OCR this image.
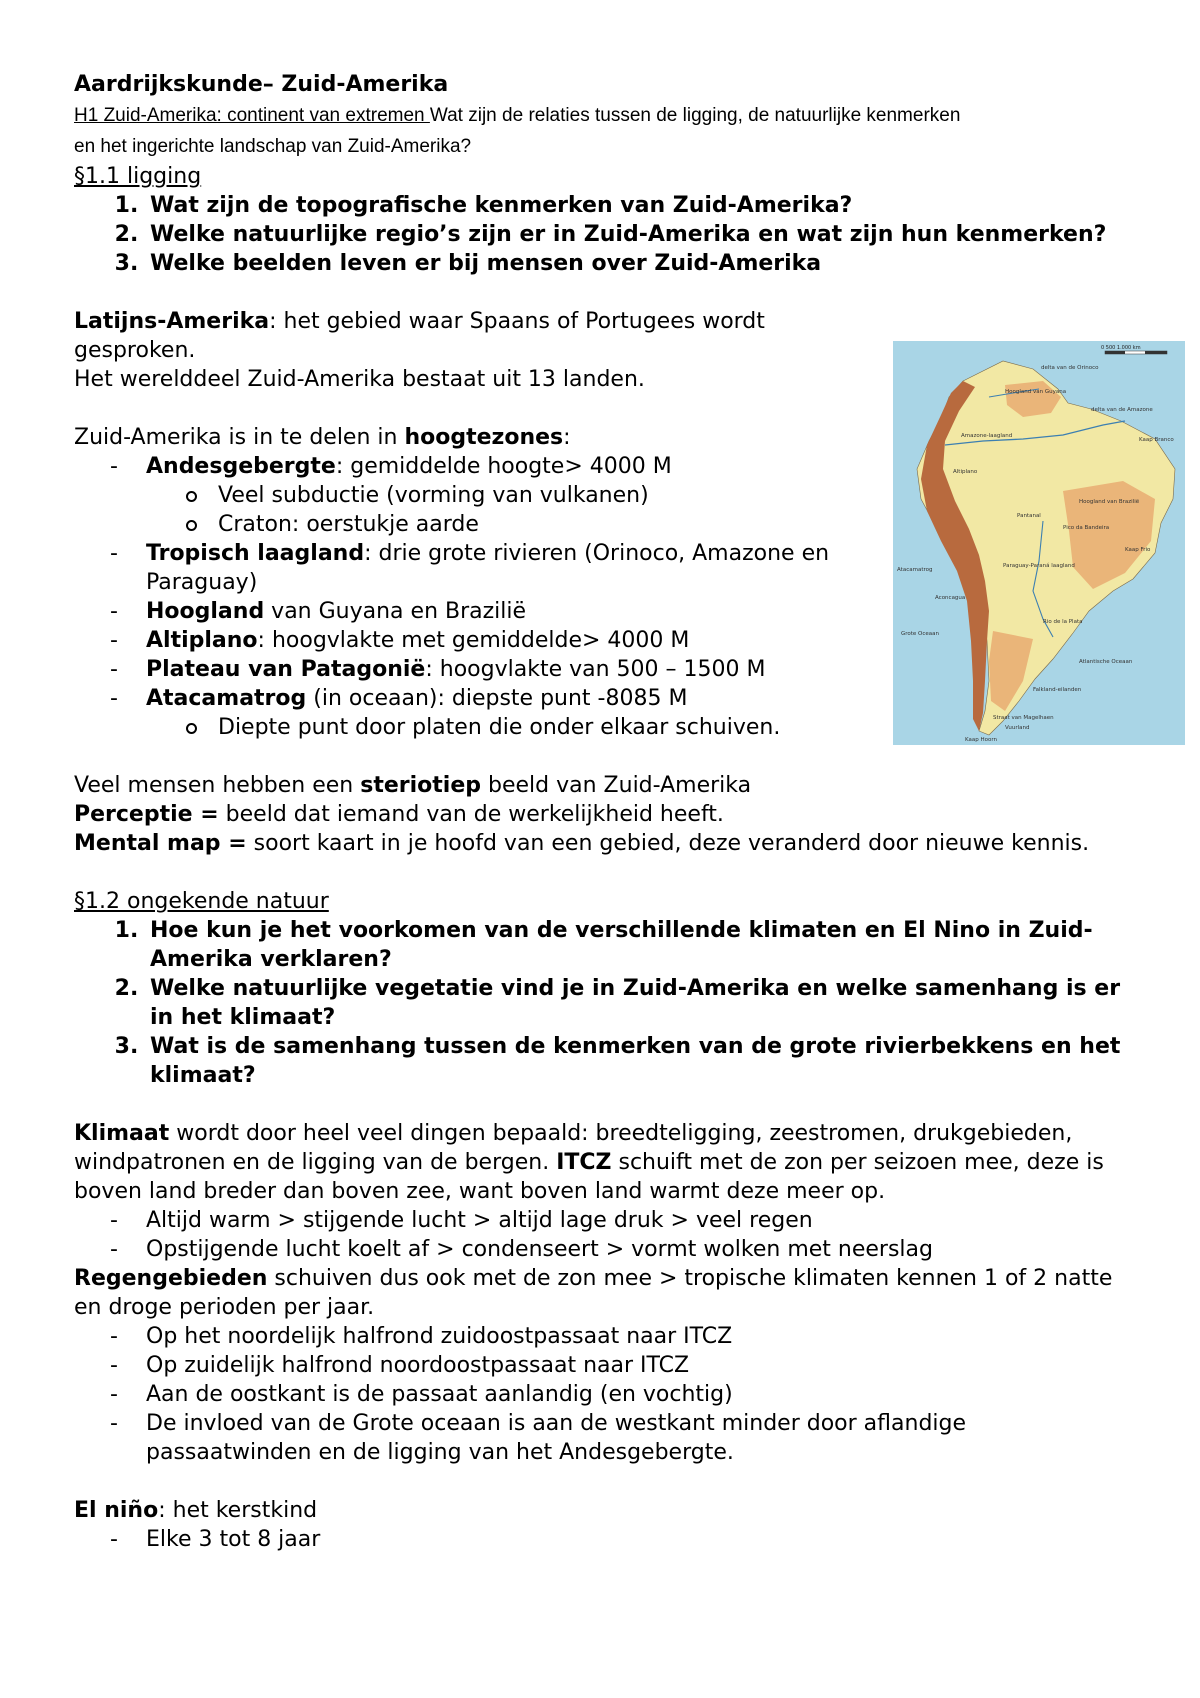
Aardrijkskunde– Zuid-Amerika
H1 Zuid-Amerika: continent van extremen Wat zijn de relaties tussen de ligging, de natuurlijke kenmerken
en het ingerichte landschap van Zuid-Amerika?
§1.1 ligging
1. Wat zijn de topografische kenmerken van Zuid-Amerika?
2. Welke natuurlijke regio’s zijn er in Zuid-Amerika en wat zijn hun kenmerken?
3. Welke beelden leven er bij mensen over Zuid-Amerika
Latijns-Amerika: het gebied waar Spaans of Portugees wordt gesproken.
Het werelddeel Zuid-Amerika bestaat uit 13 landen.
Zuid-Amerika is in te delen in hoogtezones:
- Andesgebergte: gemiddelde hoogte> 4000 M
Veel subductie (vorming van vulkanen)
Craton: oerstukje aarde
- Tropisch laagland: drie grote rivieren (Orinoco, Amazone en Paraguay)
- Hoogland van Guyana en Brazilië
- Altiplano: hoogvlakte met gemiddelde> 4000 M
- Plateau van Patagonië: hoogvlakte van 500 – 1500 M
- Atacamatrog (in oceaan): diepste punt -8085 M
Diepte punt door platen die onder elkaar schuiven.
Veel mensen hebben een steriotiep beeld van Zuid-Amerika
Perceptie = beeld dat iemand van de werkelijkheid heeft.
Mental map = soort kaart in je hoofd van een gebied, deze veranderd door nieuwe kennis.
§1.2 ongekende natuur
1. Hoe kun je het voorkomen van de verschillende klimaten en El Nino in Zuid-Amerika verklaren?
2. Welke natuurlijke vegetatie vind je in Zuid-Amerika en welke samenhang is er in het klimaat?
3. Wat is de samenhang tussen de kenmerken van de grote rivierbekkens en het klimaat?
Klimaat wordt door heel veel dingen bepaald: breedteligging, zeestromen, drukgebieden, windpatronen en de ligging van de bergen. ITCZ schuift met de zon per seizoen mee, deze is boven land breder dan boven zee, want boven land warmt deze meer op.
- Altijd warm > stijgende lucht > altijd lage druk > veel regen
- Opstijgende lucht koelt af > condenseert > vormt wolken met neerslag
Regengebieden schuiven dus ook met de zon mee > tropische klimaten kennen 1 of 2 natte en droge perioden per jaar.
- Op het noordelijk halfrond zuidoostpassaat naar ITCZ
- Op zuidelijk halfrond noordoostpassaat naar ITCZ
- Aan de oostkant is de passaat aanlandig (en vochtig)
- De invloed van de Grote oceaan is aan de westkant minder door aflandige passaatwinden en de ligging van het Andesgebergte.
El niño: het kerstkind
- Elke 3 tot 8 jaar
0 500 1.000 km
delta van de Orinoco
Hoogland van Guyana
delta van de Amazone
Amazone-laagland
Kaap Branco
Hoogland van Brazilië
Pico da Bandeira
Kaap Frio
Pantanal
Paraguay-Paraná laagland
Altiplano
Aconcagua
Grote Oceaan
Atlantische Oceaan
Rio de la Plata
Falkland-eilanden
Straat van Magelhaen
Vuurland
Kaap Hoorn
Atacamatrog
